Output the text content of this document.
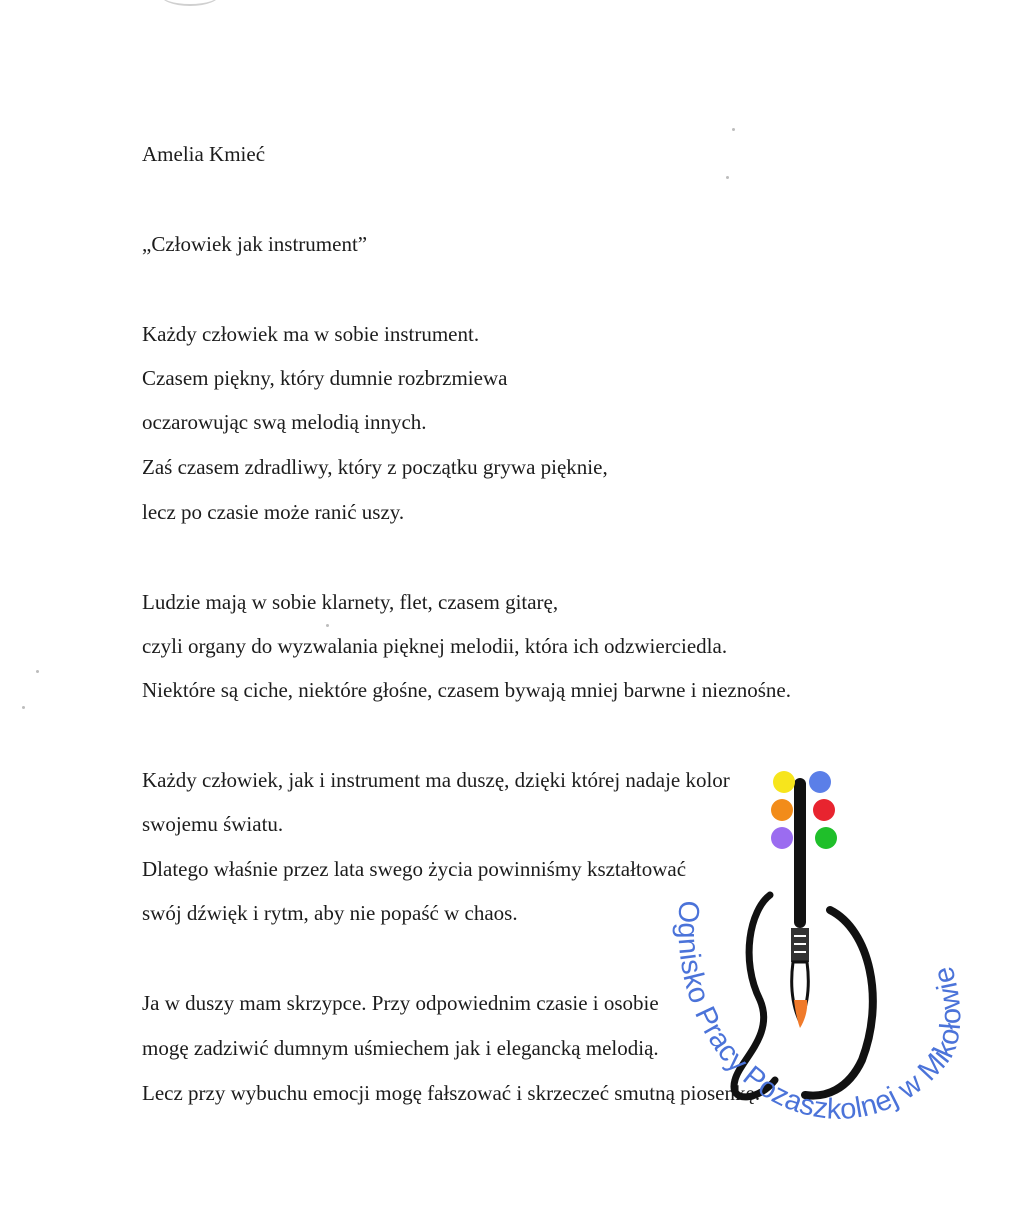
Amelia Kmieć
„Człowiek jak instrument”
Każdy człowiek ma w sobie instrument.
Czasem piękny, który dumnie rozbrzmiewa
oczarowując swą melodią innych.
Zaś czasem zdradliwy, który z początku grywa pięknie,
lecz po czasie może ranić uszy.
Ludzie mają w sobie klarnety, flet, czasem gitarę,
czyli organy do wyzwalania pięknej melodii, która ich odzwierciedla.
Niektóre są ciche, niektóre głośne, czasem bywają mniej barwne i nieznośne.
Każdy człowiek, jak i instrument ma duszę, dzięki której nadaje kolor
swojemu światu.
Dlatego właśnie przez lata swego życia powinniśmy kształtować
swój dźwięk i rytm, aby nie popaść w chaos.
Ja w duszy mam skrzypce. Przy odpowiednim czasie i osobie
mogę zadziwić dumnym uśmiechem jak i elegancką melodią.
Lecz przy wybuchu emocji mogę fałszować i skrzeczeć smutną piosenkę.
Ognisko Pracy Pozaszkolnej w Mikołowie
